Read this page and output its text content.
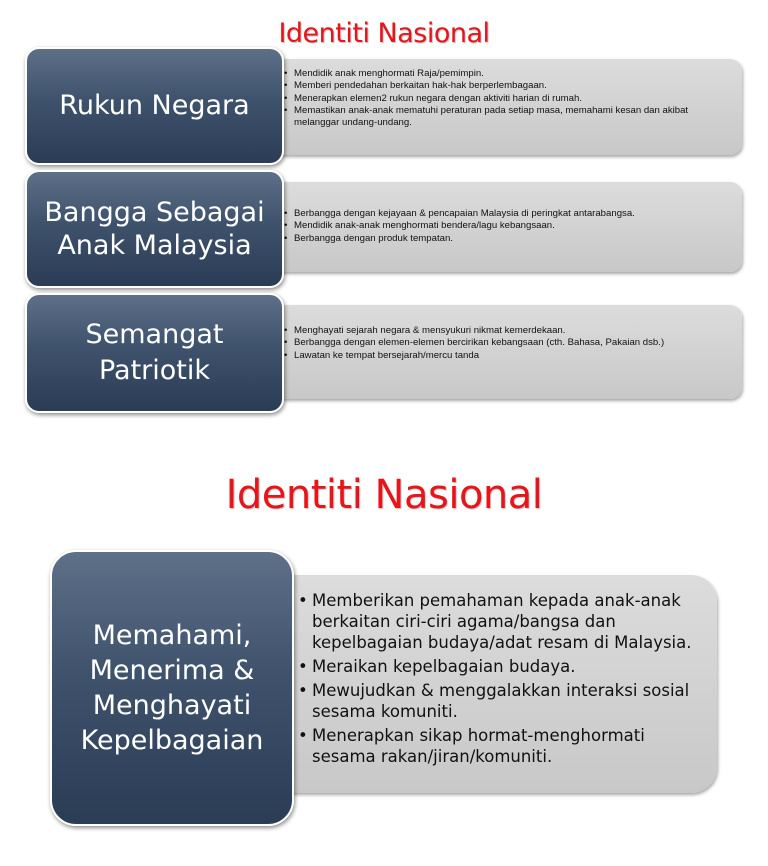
Identiti Nasional
• Mendidik anak menghormati Raja/pemimpin.
• Memberi pendedahan berkaitan hak-hak berperlembagaan.
• Menerapkan elemen2 rukun negara dengan aktiviti harian di rumah.
• Memastikan anak-anak mematuhi peraturan pada setiap masa, memahami kesan dan akibat melanggar undang-undang.
Rukun Negara
• Berbangga dengan kejayaan & pencapaian Malaysia di peringkat antarabangsa.
• Mendidik anak-anak menghormati bendera/lagu kebangsaan.
• Berbangga dengan produk tempatan.
Bangga Sebagai
Anak Malaysia
• Menghayati sejarah negara & mensyukuri nikmat kemerdekaan.
• Berbangga dengan elemen-elemen bercirikan kebangsaan (cth. Bahasa, Pakaian dsb.)
• Lawatan ke tempat bersejarah/mercu tanda
Semangat
Patriotik
Identiti Nasional
• Memberikan pemahaman kepada anak-anak berkaitan ciri-ciri agama/bangsa dan kepelbagaian budaya/adat resam di Malaysia.
• Meraikan kepelbagaian budaya.
• Mewujudkan & menggalakkan interaksi sosial sesama komuniti.
• Menerapkan sikap hormat-menghormati sesama rakan/jiran/komuniti.
Memahami,
Menerima &
Menghayati
Kepelbagaian
